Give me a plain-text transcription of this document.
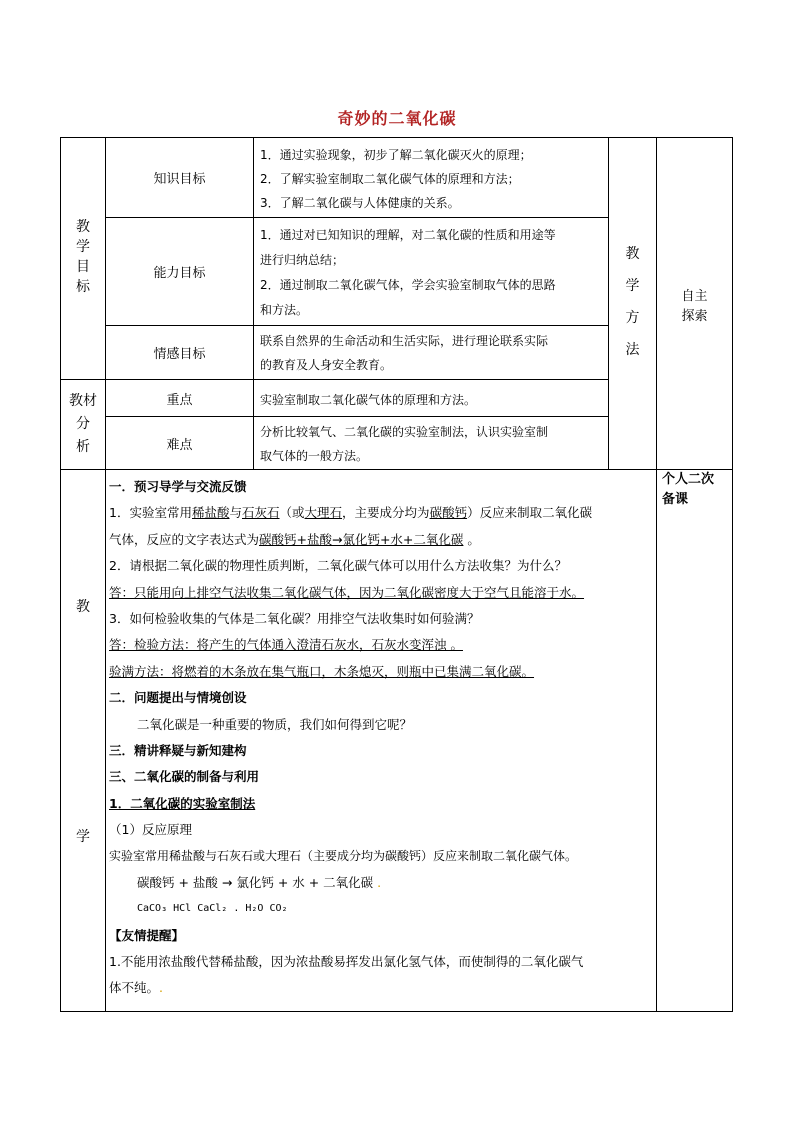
奇妙的二氧化碳
教
学
目
标
知识目标
1．通过实验现象，初步了解二氧化碳灭火的原理；
2．了解实验室制取二氧化碳气体的原理和方法；
3．了解二氧化碳与人体健康的关系。
能力目标
1．通过对已知知识的理解，对二氧化碳的性质和用途等
进行归纳总结；
2．通过制取二氧化碳气体，学会实验室制取气体的思路
和方法。
情感目标
联系自然界的生命活动和生活实际，进行理论联系实际
的教育及人身安全教育。
教
学
方
法
自主
探索
教材
分
析
重点	实验室制取二氧化碳气体的原理和方法。
难点
分析比较氧气、二氧化碳的实验室制法，认识实验室制
取气体的一般方法。
教
学
个人二次
备课
一．预习导学与交流反馈
1．实验室常用稀盐酸与石灰石（或大理石，主要成分均为碳酸钙）反应来制取二氧化碳
气体，反应的文字表达式为碳酸钙+盐酸→氯化钙+水+二氧化碳 。
2．请根据二氧化碳的物理性质判断，二氧化碳气体可以用什么方法收集？为什么？
答：只能用向上排空气法收集二氧化碳气体，因为二氧化碳密度大于空气且能溶于水。
3．如何检验收集的气体是二氧化碳？用排空气法收集时如何验满？
答：检验方法：将产生的气体通入澄清石灰水，石灰水变浑浊 。
验满方法：将燃着的木条放在集气瓶口，木条熄灭，则瓶中已集满二氧化碳。
二．问题提出与情境创设
二氧化碳是一种重要的物质，我们如何得到它呢？
三．精讲释疑与新知建构
三、二氧化碳的制备与利用
1．二氧化碳的实验室制法
（1）反应原理
实验室常用稀盐酸与石灰石或大理石（主要成分均为碳酸钙）反应来制取二氧化碳气体。
碳酸钙 + 盐酸 → 氯化钙 + 水 + 二氧化碳 .
CaCO₃ HCl CaCl₂ . H₂O CO₂
【友情提醒】
1.不能用浓盐酸代替稀盐酸，因为浓盐酸易挥发出氯化氢气体，而使制得的二氧化碳气
体不纯。.
